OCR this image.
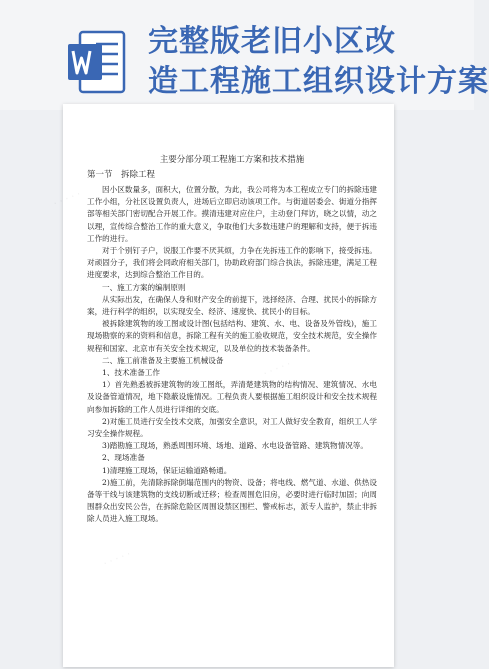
完整版老旧小区改
造工程施工组织设计方案
· · · · ·
· · · · ·
· · · · ·

主要分部分项工程施工方案和技术措施

第一节　拆除工程

因小区数量多，面积大，位置分散，为此，我公司将为本工程成立专门的拆除违建工作小组，分社区设置负责人，进场后立即启动该项工作。与街道居委会、街道分指挥部等相关部门密切配合开展工作。摸清违建对应住户，主动登门拜访，晓之以情，动之以理，宣传综合整治工作的重大意义，争取他们大多数违建户的理解和支持，便于拆违工作的进行。

对于个别钉子户，说服工作要不厌其烦，力争在先拆违工作的影响下，接受拆违。对顽固分子，我们将会同政府相关部门，协助政府部门综合执法，拆除违建，满足工程进度要求，达到综合整治工作目的。

一、施工方案的编制原则

从实际出发，在确保人身和财产安全的前提下，选择经济、合理、扰民小的拆除方案，进行科学的组织，以实现安全、经济、速度快、扰民小的目标。

被拆除建筑物的竣工图或设计图(包括结构、建筑、水、电、设备及外管线)，施工现场勘察的来的资料和信息，拆除工程有关的施工验收规范，安全技术规范，安全操作规程和国家、北京市有关安全技术规定，以及单位的技术装备条件。

二、施工前准备及主要施工机械设备

1、技术准备工作

1）首先熟悉被拆建筑物的竣工图纸，弄清楚建筑物的结构情况、建筑情况、水电及设备管道情况，地下隐蔽设施情况。工程负责人要根据施工组织设计和安全技术规程向参加拆除的工作人员进行详细的交底。

2)对施工员进行安全技术交底，加强安全意识，对工人做好安全教育，组织工人学习安全操作规程。

3)踏勘施工现场，熟悉周围环境、场地、道路、水电设备管路、建筑物情况等。

2、现场准备

1)清理施工现场，保证运输道路畅通。

2)施工前，先清除拆除倒塌范围内的物资、设备；将电线、燃气道、水道、供热设备等干线与该建筑物的支线切断或迁移；检查周围危旧房，必要时进行临时加固；向周围群众出安民公告，在拆除危险区周围设禁区围栏、警戒标志，派专人监护，禁止非拆除人员进入施工现场。
